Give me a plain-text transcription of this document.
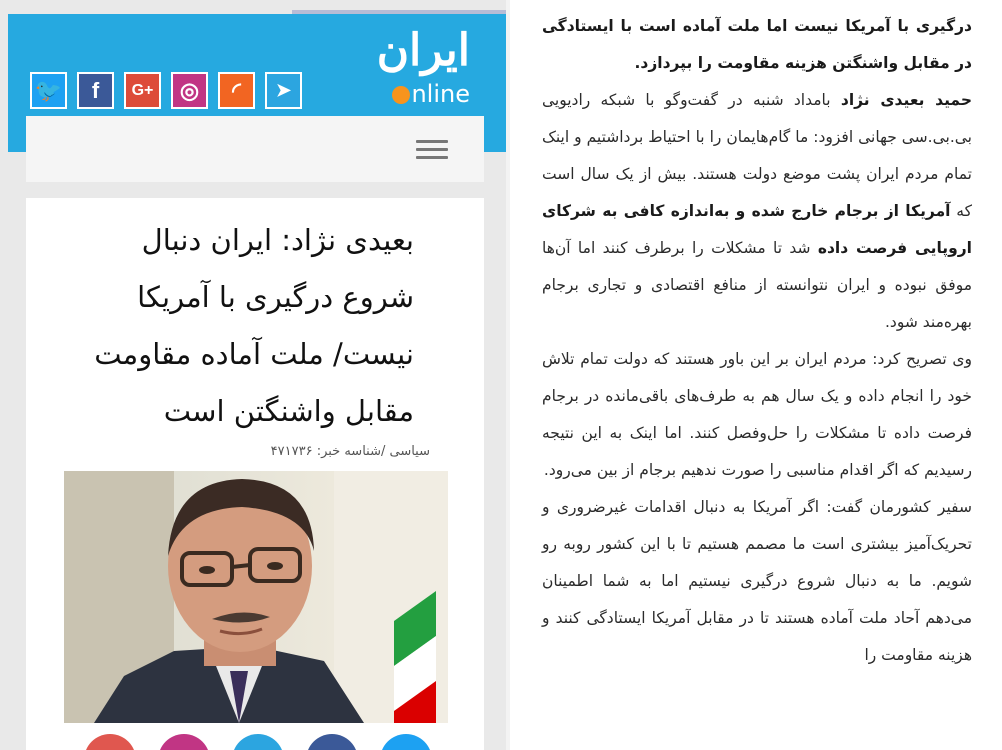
ایران
nline
🐦	f	G+	◎	◜	➤
بعیدی نژاد: ایران دنبال شروع درگیری با آمریکا نیست/ ملت آماده مقاومت مقابل واشنگتن است
سیاسی /شناسه خبر: ۴۷۱۷۳۶

درگیری با آمریکا نیست اما ملت آماده است با ایستادگی در مقابل واشنگتن هزینه مقاومت را بپردازد.

حمید بعیدی نژاد بامداد شنبه در گفت‌وگو با شبکه رادیویی بی.بی.سی جهانی افزود: ما گام‌هایمان را با احتیاط برداشتیم و اینک تمام مردم ایران پشت موضع دولت هستند. بیش از یک سال است که آمریکا از برجام خارج شده و به‌اندازه کافی به شرکای اروپایی فرصت داده شد تا مشکلات را برطرف کنند اما آن‌ها موفق نبوده و ایران نتوانسته از منافع اقتصادی و تجاری برجام بهره‌مند شود.

وی تصریح کرد: مردم ایران بر این باور هستند که دولت تمام تلاش خود را انجام داده و یک سال هم به طرف‌های باقی‌مانده در برجام فرصت داده تا مشکلات را حل‌وفصل کنند. اما اینک به این نتیجه رسیدیم که اگر اقدام مناسبی را صورت ندهیم برجام از بین می‌رود.

سفیر کشورمان گفت: اگر آمریکا به دنبال اقدامات غیرضروری و تحریک‌آمیز بیشتری است ما مصمم هستیم تا با این کشور روبه رو شویم. ما به دنبال شروع درگیری نیستیم اما به شما اطمینان می‌دهم آحاد ملت آماده هستند تا در مقابل آمریکا ایستادگی کنند و هزینه مقاومت را
